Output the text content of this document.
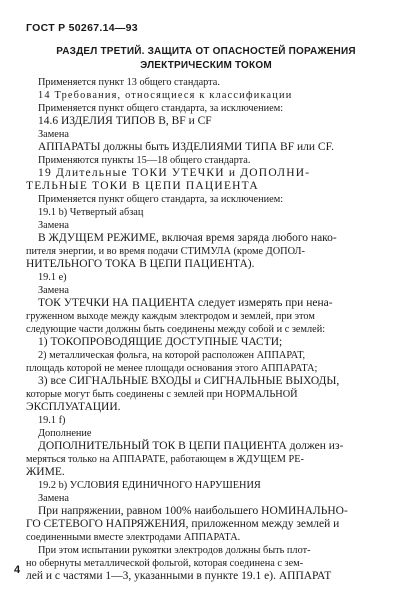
ГОСТ Р 50267.14—93
РАЗДЕЛ ТРЕТИЙ. ЗАЩИТА ОТ ОПАСНОСТЕЙ ПОРАЖЕНИЯ
ЭЛЕКТРИЧЕСКИМ ТОКОМ

Применяется пункт 13 общего стандарта.

14 Требования, относящиеся к классификации

Применяется пункт общего стандарта, за исключением:

14.6 ИЗДЕЛИЯ ТИПОВ B, BF и CF

Замена

АППАРАТЫ должны быть ИЗДЕЛИЯМИ ТИПА BF или CF.

Применяются пункты 15—18 общего стандарта.

19 Длительные ТОКИ УТЕЧКИ и ДОПОЛНИ-

ТЕЛЬНЫЕ ТОКИ В ЦЕПИ ПАЦИЕНТА

Применяется пункт общего стандарта, за исключением:

19.1 b) Четвертый абзац

Замена

В ЖДУЩЕМ РЕЖИМЕ, включая время заряда любого нако-

пителя энергии, и во время подачи СТИМУЛА (кроме ДОПОЛ-

НИТЕЛЬНОГО ТОКА В ЦЕПИ ПАЦИЕНТА).

19.1 е)

Замена

ТОК УТЕЧКИ НА ПАЦИЕНТА следует измерять при ненa-

груженном выходе между каждым электродом и землей, при этом

следующие части должны быть соединены между собой и с землей:

1) ТОКОПРОВОДЯЩИЕ ДОСТУПНЫЕ ЧАСТИ;

2) металлическая фольга, на которой расположен АППАРАТ,

площадь которой не менее площади основания этого АППАРАТА;

3) все СИГНАЛЬНЫЕ ВХОДЫ и СИГНАЛЬНЫЕ ВЫХОДЫ,

которые могут быть соединены с землей при НОРМАЛЬНОЙ

ЭКСПЛУАТАЦИИ.

19.1 f)

Дополнение

ДОПОЛНИТЕЛЬНЫЙ ТОК В ЦЕПИ ПАЦИЕНТА должен из-

меряться только на АППАРАТЕ, работающем в ЖДУЩЕМ РЕ-

ЖИМЕ.

19.2 b) УСЛОВИЯ ЕДИНИЧНОГО НАРУШЕНИЯ

Замена

При напряжении, равном 100% наибольшего НОМИНАЛЬНО-

ГО СЕТЕВОГО НАПРЯЖЕНИЯ, приложенном между землей и

соединенными вместе электродами АППАРАТА.

При этом испытании рукоятки электродов должны быть плот-

но обернуты металлической фольгой, которая соединена с зем-

лей и с частями 1—3, указанными в пункте 19.1 е). АППАРАТ

4
